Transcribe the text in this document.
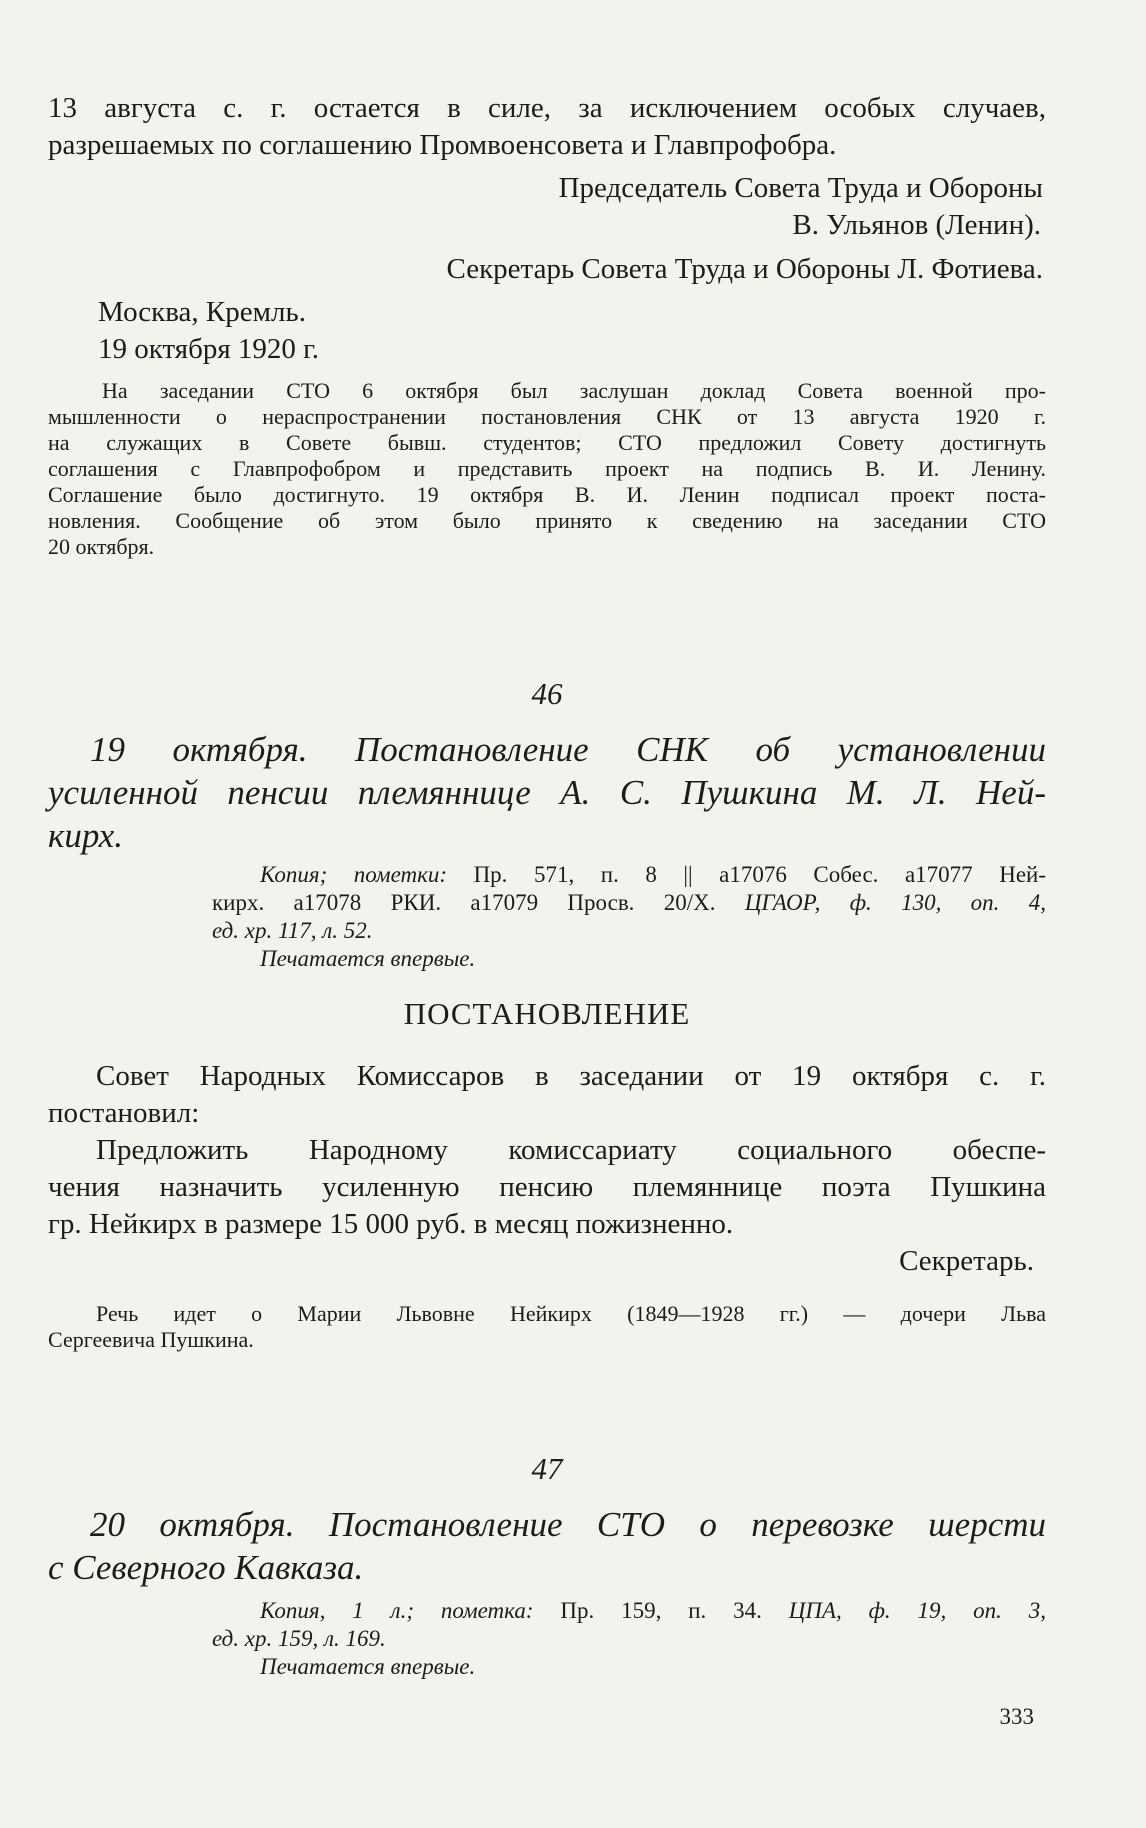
13 августа с. г. остается в силе, за исключением особых случаев,
разрешаемых по соглашению Промвоенсовета и Главпрофобра.

Председатель Совета Труда и Обороны
В. Ульянов (Ленин).

Секретарь Совета Труда и Обороны Л. Фотиева.

Москва, Кремль.
19 октября 1920 г.

На заседании СТО 6 октября был заслушан доклад Совета военной про-
мышленности о нераспространении постановления СНК от 13 августа 1920 г.
на служащих в Совете бывш. студентов; СТО предложил Совету достигнуть
соглашения с Главпрофобром и представить проект на подпись В. И. Ленину.
Соглашение было достигнуто. 19 октября В. И. Ленин подписал проект поста-
новления. Сообщение об этом было принято к сведению на заседании СТО
20 октября.

46

19 октября. Постановление СНК об установлении
усиленной пенсии племяннице А. С. Пушкина М. Л. Ней-
кирх.

Копия; пометки: Пр. 571, п. 8 || а17076 Собес. а17077 Ней-
кирх. а17078 РКИ. а17079 Просв. 20/Х. ЦГАОР, ф. 130, оп. 4,
ед. хр. 117, л. 52.
Печатается впервые.

ПОСТАНОВЛЕНИЕ

Совет Народных Комиссаров в заседании от 19 октября с. г.
постановил:
Предложить Народному комиссариату социального обеспе-
чения назначить усиленную пенсию племяннице поэта Пушкина
гр. Нейкирх в размере 15 000 руб. в месяц пожизненно.

Секретарь.

Речь идет о Марии Львовне Нейкирх (1849—1928 гг.) — дочери Льва
Сергеевича Пушкина.

47

20 октября. Постановление СТО о перевозке шерсти
с Северного Кавказа.

Копия, 1 л.; пометка: Пр. 159, п. 34. ЦПА, ф. 19, оп. 3,
ед. хр. 159, л. 169.
Печатается впервые.

333
